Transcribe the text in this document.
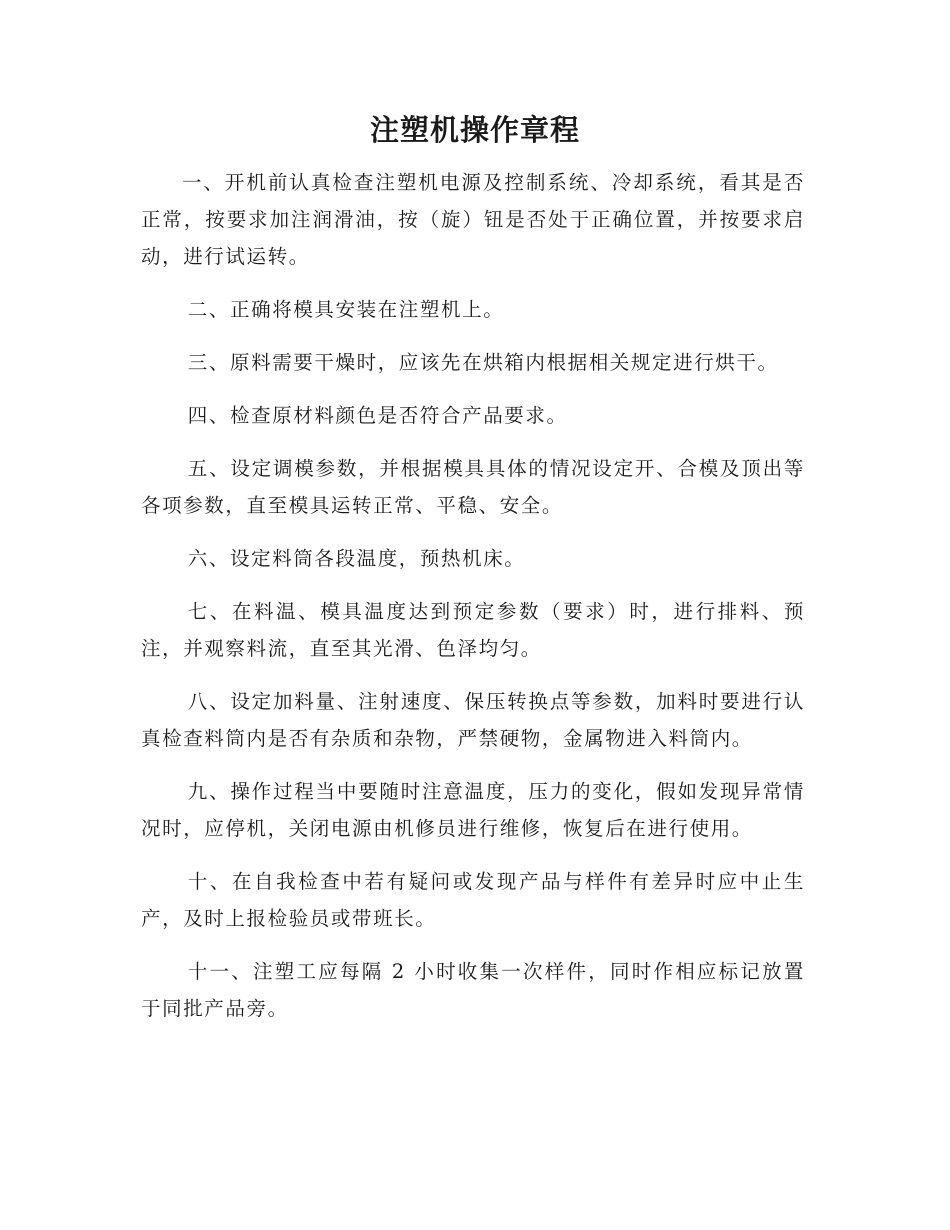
注塑机操作章程

一、开机前认真检查注塑机电源及控制系统、冷却系统，看其是否正常，按要求加注润滑油，按（旋）钮是否处于正确位置，并按要求启动，进行试运转。

二、正确将模具安装在注塑机上。

三、原料需要干燥时，应该先在烘箱内根据相关规定进行烘干。

四、检查原材料颜色是否符合产品要求。

五、设定调模参数，并根据模具具体的情况设定开、合模及顶出等各项参数，直至模具运转正常、平稳、安全。

六、设定料筒各段温度，预热机床。

七、在料温、模具温度达到预定参数（要求）时，进行排料、预注，并观察料流，直至其光滑、色泽均匀。

八、设定加料量、注射速度、保压转换点等参数，加料时要进行认真检查料筒内是否有杂质和杂物，严禁硬物，金属物进入料筒内。

九、操作过程当中要随时注意温度，压力的变化，假如发现异常情况时，应停机，关闭电源由机修员进行维修，恢复后在进行使用。

十、在自我检查中若有疑问或发现产品与样件有差异时应中止生产，及时上报检验员或带班长。

十一、注塑工应每隔 2 小时收集一次样件，同时作相应标记放置于同批产品旁。
